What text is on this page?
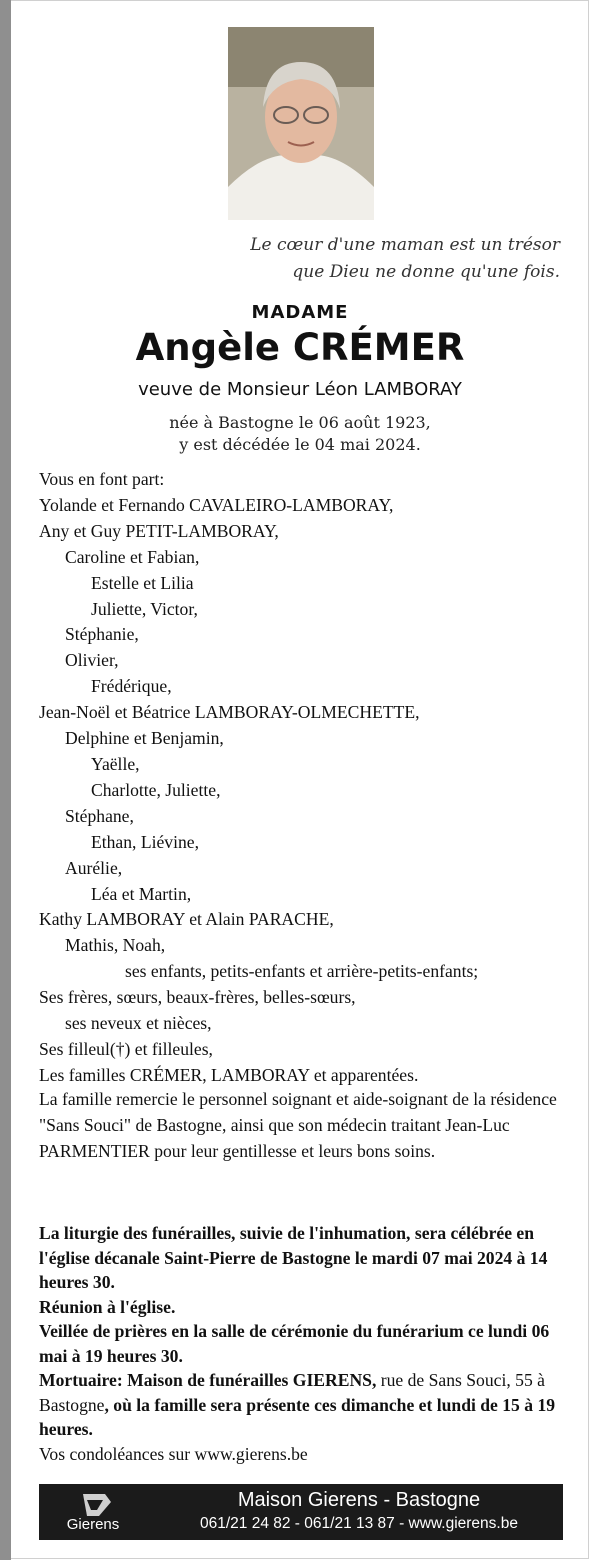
Le cœur d'une maman est un trésor
que Dieu ne donne qu'une fois.
MADAME
Angèle CRÉMER
veuve de Monsieur Léon LAMBORAY
née à Bastogne le 06 août 1923,
y est décédée le 04 mai 2024.
Vous en font part:
Yolande et Fernando CAVALEIRO-LAMBORAY,
Any et Guy PETIT-LAMBORAY,
Caroline et Fabian,
Estelle et Lilia
Juliette, Victor,
Stéphanie,
Olivier,
Frédérique,
Jean-Noël et Béatrice LAMBORAY-OLMECHETTE,
Delphine et Benjamin,
Yaëlle,
Charlotte, Juliette,
Stéphane,
Ethan, Liévine,
Aurélie,
Léa et Martin,
Kathy LAMBORAY et Alain PARACHE,
Mathis, Noah,
ses enfants, petits-enfants et arrière-petits-enfants;
Ses frères, sœurs, beaux-frères, belles-sœurs,
ses neveux et nièces,
Ses filleul(†) et filleules,
Les familles CRÉMER, LAMBORAY et apparentées.
La famille remercie le personnel soignant et aide-soignant de la résidence "Sans Souci" de Bastogne, ainsi que son médecin traitant Jean-Luc PARMENTIER pour leur gentillesse et leurs bons soins.
La liturgie des funérailles, suivie de l'inhumation, sera célébrée en l'église décanale Saint-Pierre de Bastogne le mardi 07 mai 2024 à 14 heures 30.
Réunion à l'église.
Veillée de prières en la salle de cérémonie du funérarium ce lundi 06 mai à 19 heures 30.
Mortuaire: Maison de funérailles GIERENS, rue de Sans Souci, 55 à Bastogne, où la famille sera présente ces dimanche et lundi de 15 à 19 heures.
Vos condoléances sur www.gierens.be
Gierens
Maison Gierens - Bastogne
061/21 24 82 - 061/21 13 87 - www.gierens.be
